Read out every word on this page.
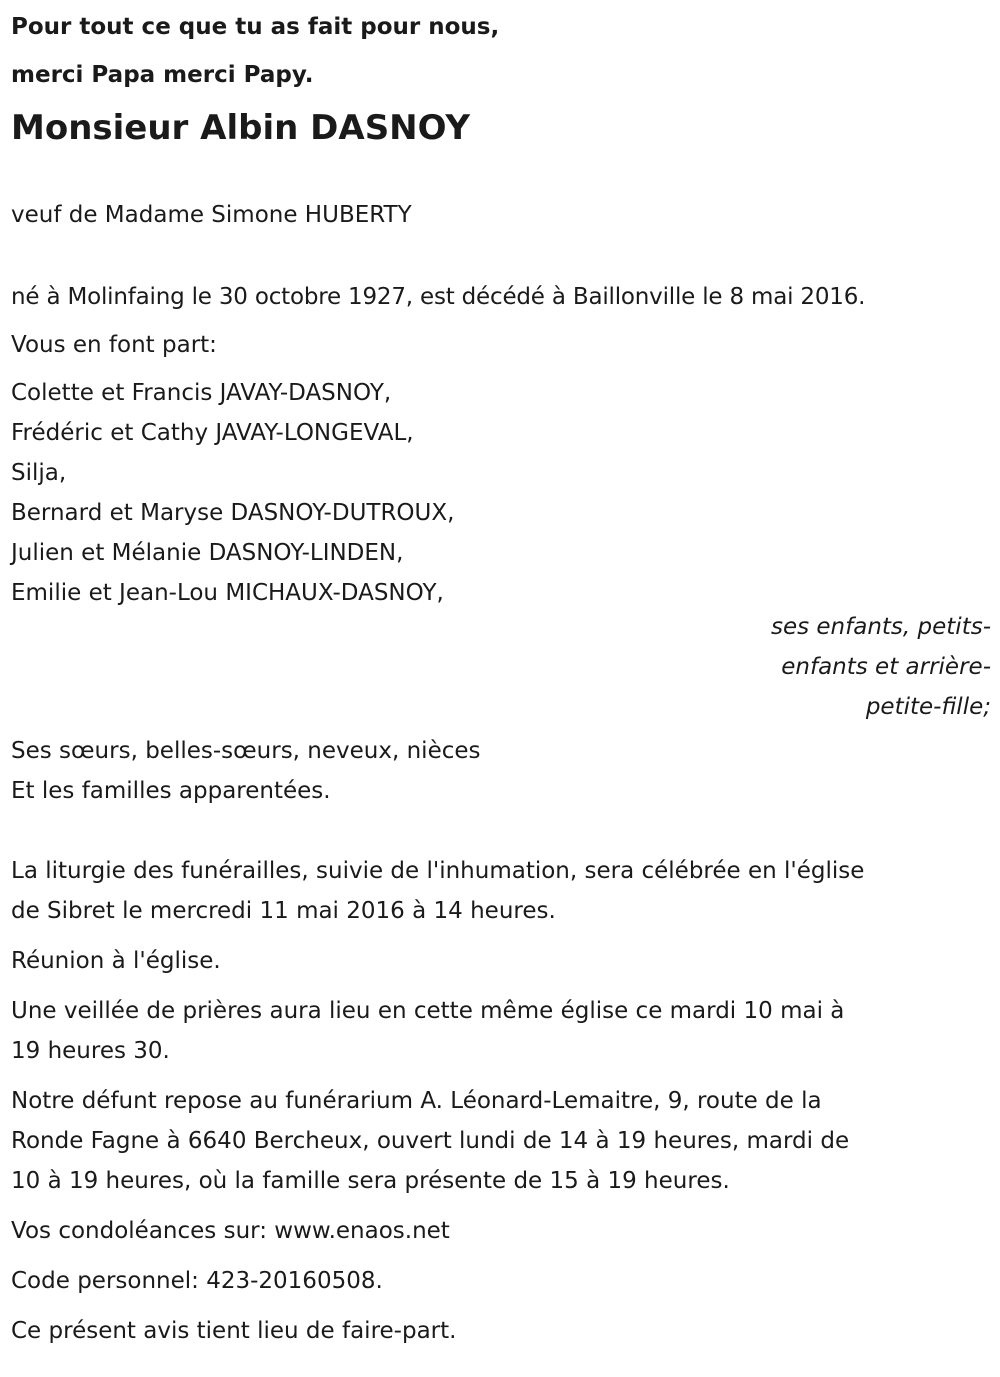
Pour tout ce que tu as fait pour nous,
merci Papa merci Papy.
Monsieur Albin DASNOY
veuf de Madame Simone HUBERTY
né à Molinfaing le 30 octobre 1927, est décédé à Baillonville le 8 mai 2016.
Vous en font part:
Colette et Francis JAVAY-DASNOY,
Frédéric et Cathy JAVAY-LONGEVAL,
Silja,
Bernard et Maryse DASNOY-DUTROUX,
Julien et Mélanie DASNOY-LINDEN,
Emilie et Jean-Lou MICHAUX-DASNOY,
ses enfants, petits-
enfants et arrière-
petite-fille;
Ses sœurs, belles-sœurs, neveux, nièces
Et les familles apparentées.
La liturgie des funérailles, suivie de l'inhumation, sera célébrée en l'église
de Sibret le mercredi 11 mai 2016 à 14 heures.
Réunion à l'église.
Une veillée de prières aura lieu en cette même église ce mardi 10 mai à
19 heures 30.
Notre défunt repose au funérarium A. Léonard-Lemaitre, 9, route de la
Ronde Fagne à 6640 Bercheux, ouvert lundi de 14 à 19 heures, mardi de
10 à 19 heures, où la famille sera présente de 15 à 19 heures.
Vos condoléances sur: www.enaos.net
Code personnel: 423-20160508.
Ce présent avis tient lieu de faire-part.
